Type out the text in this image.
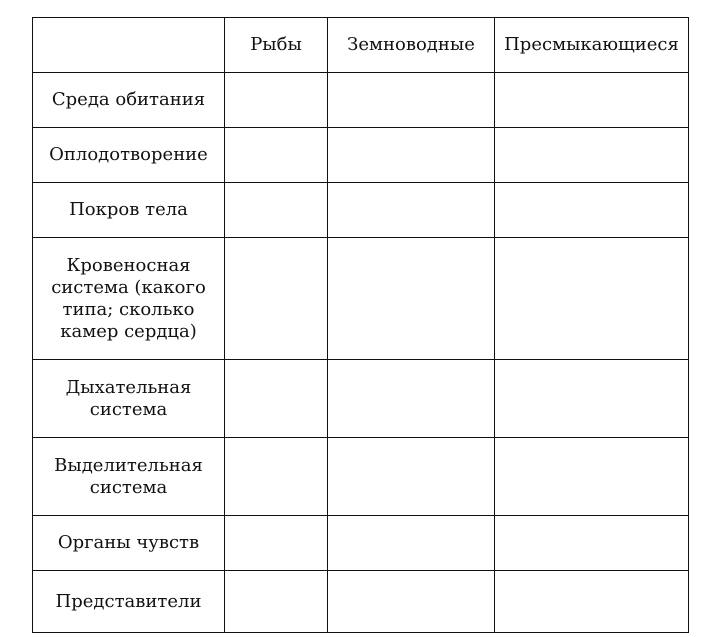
	Рыбы	Земноводные	Пресмыкающиеся
Среда обитания			
Оплодотворение			
Покров тела			
Кровеносная система (какого типа; сколько камер сердца)			
Дыхательная система			
Выделительная система			
Органы чувств			
Представители			
